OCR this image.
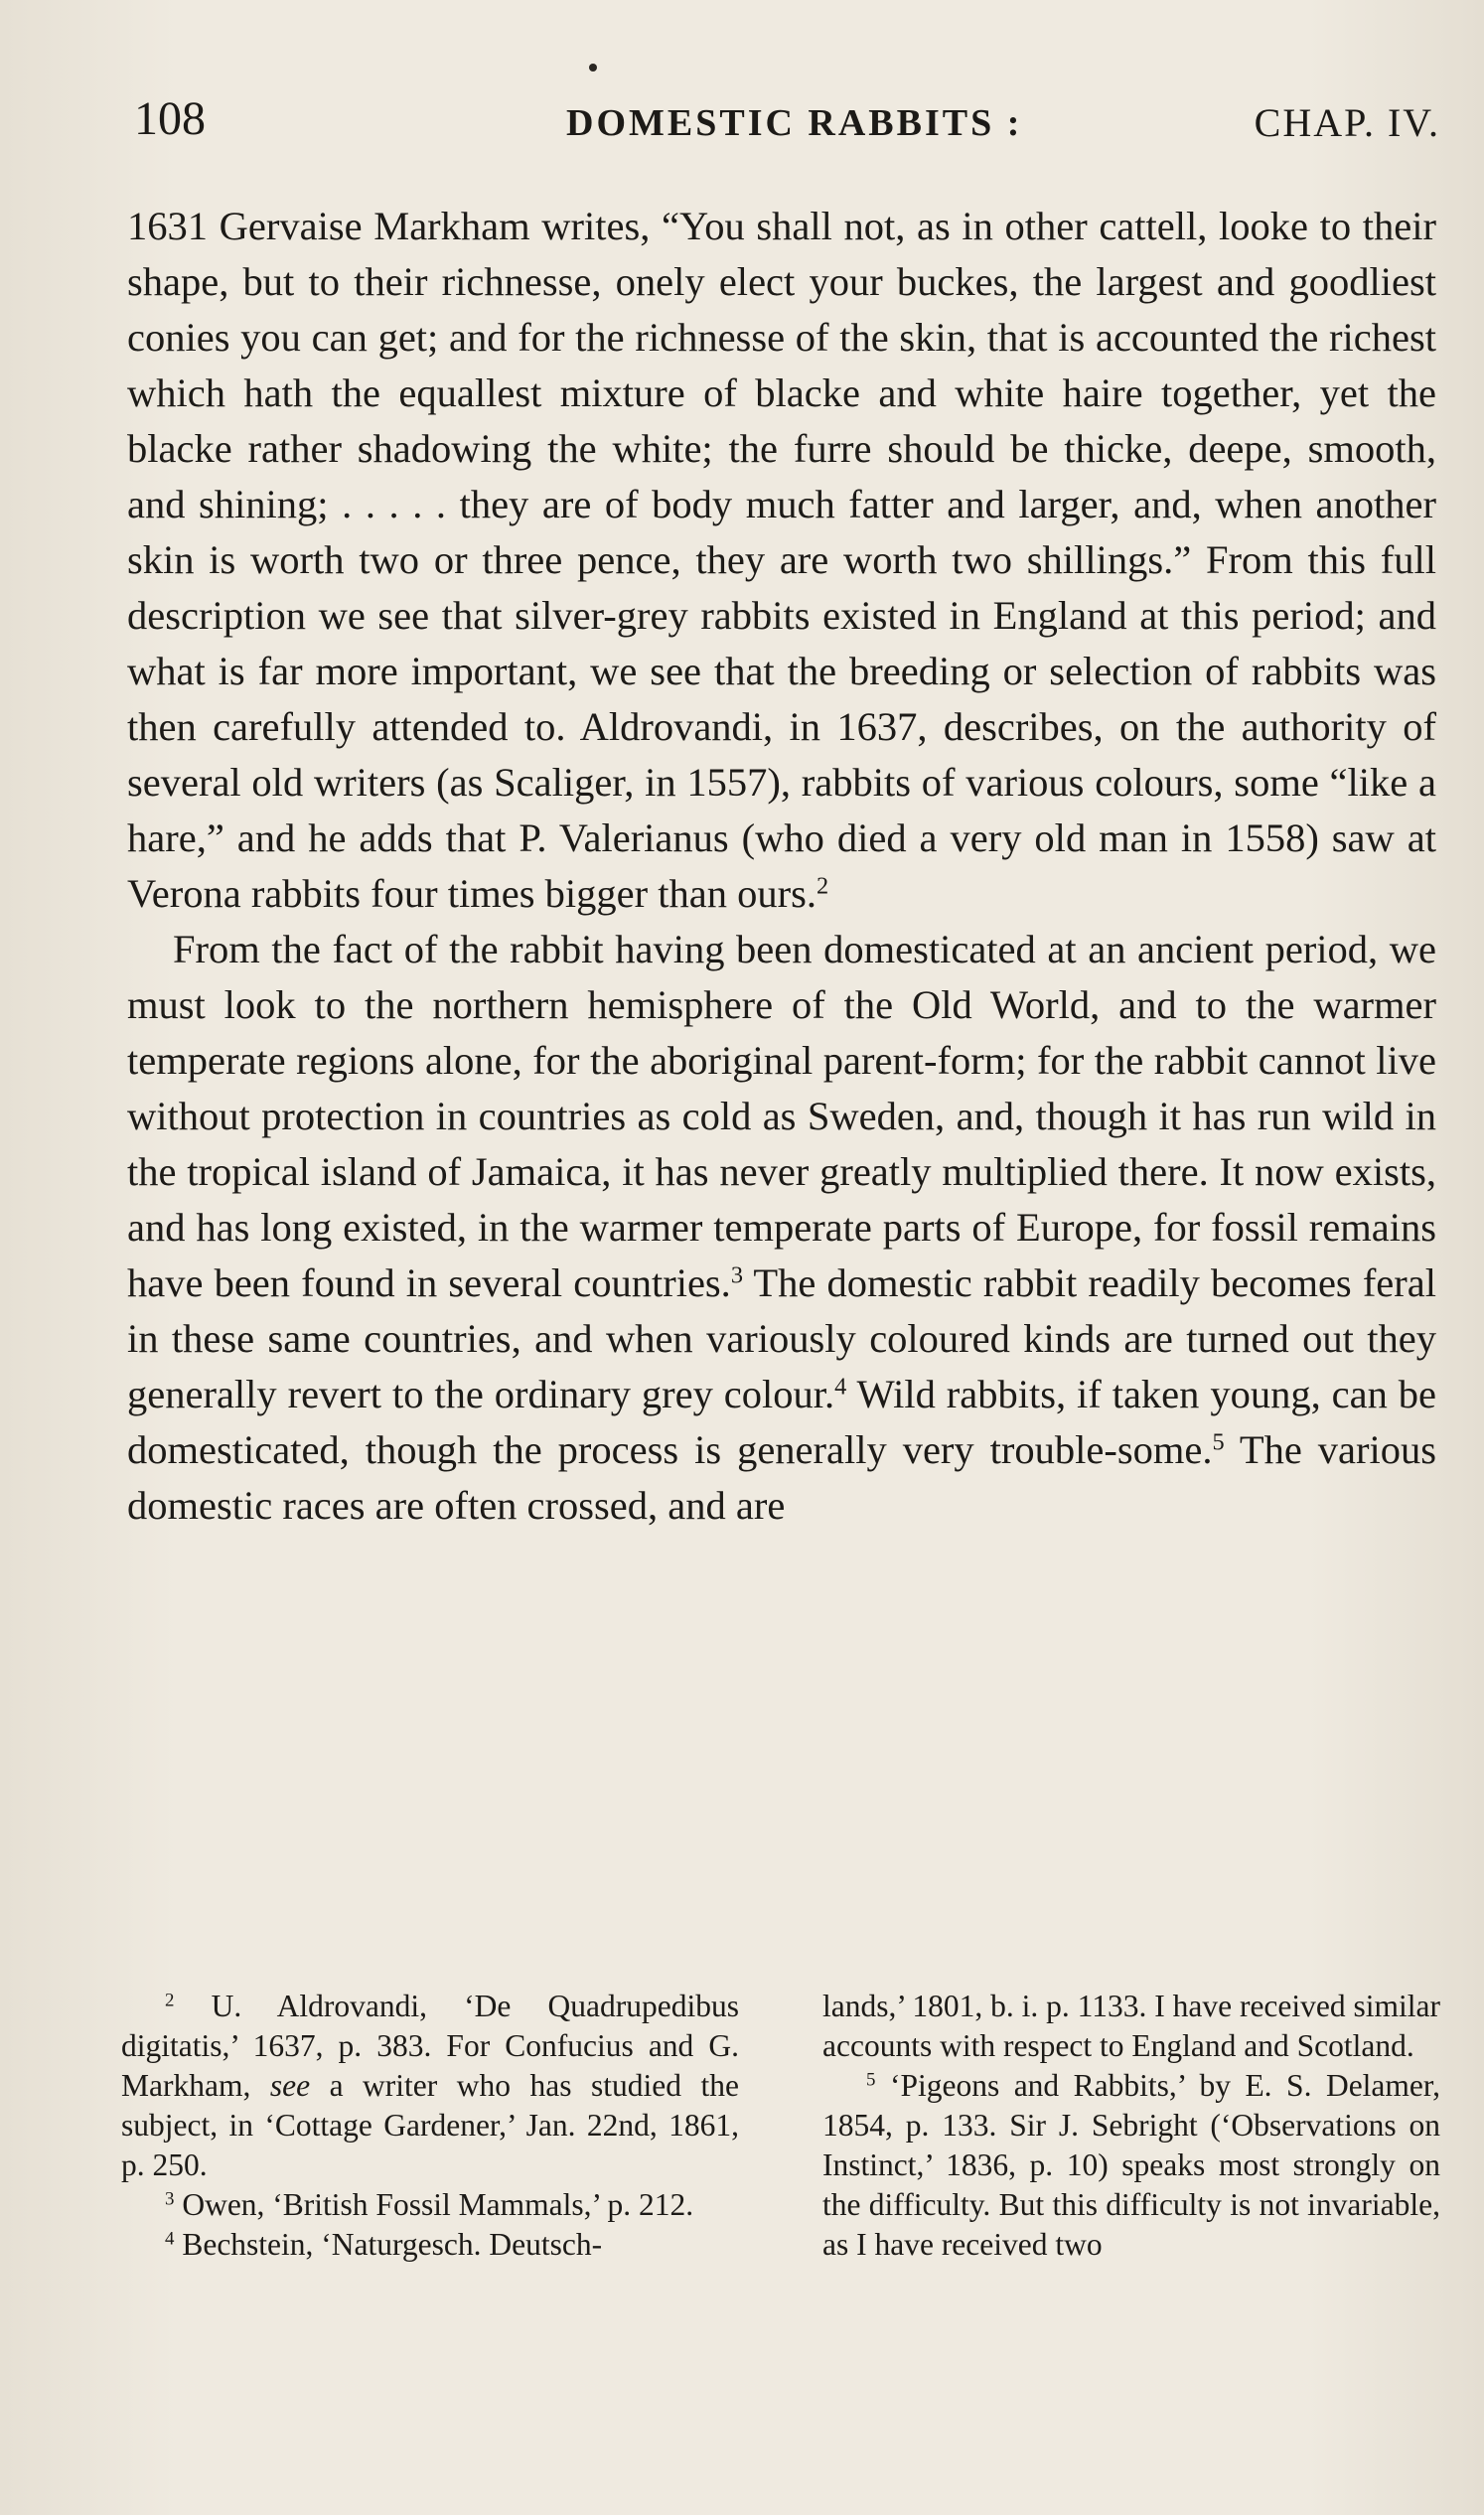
108	DOMESTIC RABBITS :	CHAP. IV.

1631 Gervaise Markham writes, “You shall not, as in other cattell, looke to their shape, but to their richnesse, onely elect your buckes, the largest and goodliest conies you can get; and for the richnesse of the skin, that is accounted the richest which hath the equallest mixture of blacke and white haire together, yet the blacke rather shadowing the white; the furre should be thicke, deepe, smooth, and shining; . . . . . they are of body much fatter and larger, and, when another skin is worth two or three pence, they are worth two shillings.” From this full description we see that silver-grey rabbits existed in England at this period; and what is far more important, we see that the breeding or selection of rabbits was then carefully attended to. Aldrovandi, in 1637, describes, on the authority of several old writers (as Scaliger, in 1557), rabbits of various colours, some “like a hare,” and he adds that P. Valerianus (who died a very old man in 1558) saw at Verona rabbits four times bigger than ours.$^2$

From the fact of the rabbit having been domesticated at an ancient period, we must look to the northern hemisphere of the Old World, and to the warmer temperate regions alone, for the aboriginal parent-form; for the rabbit cannot live without protection in countries as cold as Sweden, and, though it has run wild in the tropical island of Jamaica, it has never greatly multiplied there. It now exists, and has long existed, in the warmer temperate parts of Europe, for fossil remains have been found in several countries.$^3$ The domestic rabbit readily becomes feral in these same countries, and when variously coloured kinds are turned out they generally revert to the ordinary grey colour.$^4$ Wild rabbits, if taken young, can be domesticated, though the process is generally very trouble-some.$^5$ The various domestic races are often crossed, and are

$^2$ U. Aldrovandi, ‘De Quadrupedibus digitatis,’ 1637, p. 383. For Confucius and G. Markham, see a writer who has studied the subject, in ‘Cottage Gardener,’ Jan. 22nd, 1861, p. 250.

$^3$ Owen, ‘British Fossil Mammals,’ p. 212.

$^4$ Bechstein, ‘Naturgesch. Deutsch-

lands,’ 1801, b. i. p. 1133. I have received similar accounts with respect to England and Scotland.

$^5$ ‘Pigeons and Rabbits,’ by E. S. Delamer, 1854, p. 133. Sir J. Sebright (‘Observations on Instinct,’ 1836, p. 10) speaks most strongly on the difficulty. But this difficulty is not invariable, as I have received two
